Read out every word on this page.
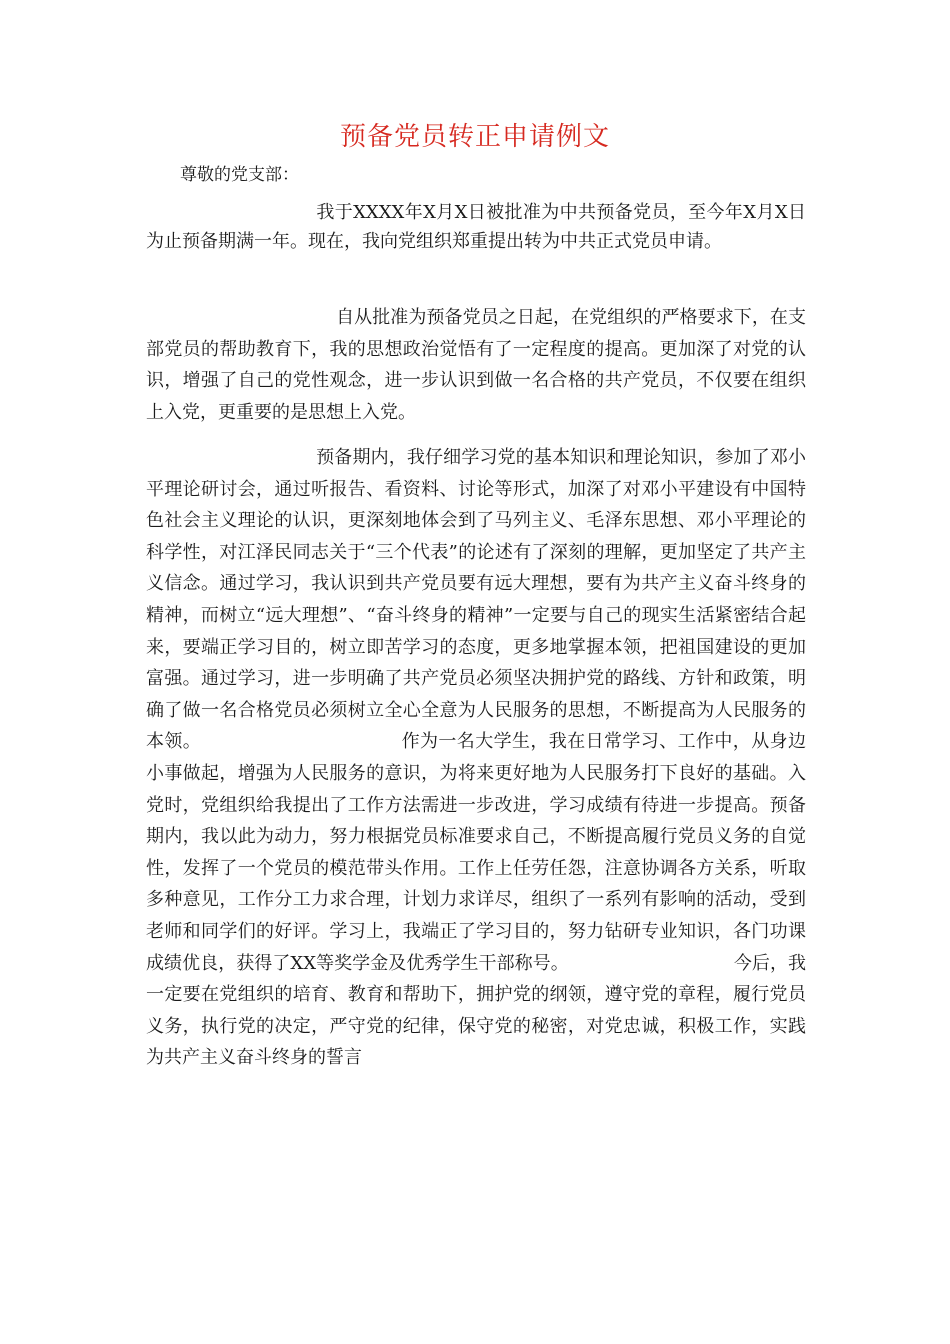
预备党员转正申请例文
尊敬的党支部：
我于XXXX年X月X日被批准为中共预备党员，至今年X月X日为止预备期满一年。现在，我向党组织郑重提出转为中共正式党员申请。
自从批准为预备党员之日起，在党组织的严格要求下，在支部党员的帮助教育下，我的思想政治觉悟有了一定程度的提高。更加深了对党的认识，增强了自己的党性观念，进一步认识到做一名合格的共产党员，不仅要在组织上入党，更重要的是思想上入党。
预备期内，我仔细学习党的基本知识和理论知识，参加了邓小平理论研讨会，通过听报告、看资料、讨论等形式，加深了对邓小平建设有中国特色社会主义理论的认识，更深刻地体会到了马列主义、毛泽东思想、邓小平理论的科学性，对江泽民同志关于“三个代表”的论述有了深刻的理解，更加坚定了共产主义信念。通过学习，我认识到共产党员要有远大理想，要有为共产主义奋斗终身的精神，而树立“远大理想”、“奋斗终身的精神”一定要与自己的现实生活紧密结合起来，要端正学习目的，树立即苦学习的态度，更多地掌握本领，把祖国建设的更加富强。通过学习，进一步明确了共产党员必须坚决拥护党的路线、方针和政策，明确了做一名合格党员必须树立全心全意为人民服务的思想，不断提高为人民服务的本领。	作为一名大学生，我在日常学习、工作中，从身边小事做起，增强为人民服务的意识，为将来更好地为人民服务打下良好的基础。入党时，党组织给我提出了工作方法需进一步改进，学习成绩有待进一步提高。预备期内，我以此为动力，努力根据党员标准要求自己，不断提高履行党员义务的自觉性，发挥了一个党员的模范带头作用。工作上任劳任怨，注意协调各方关系，听取多种意见，工作分工力求合理，计划力求详尽，组织了一系列有影响的活动，受到老师和同学们的好评。学习上，我端正了学习目的，努力钻研专业知识，各门功课成绩优良，获得了XX等奖学金及优秀学生干部称号。	今后，我一定要在党组织的培育、教育和帮助下，拥护党的纲领，遵守党的章程，履行党员义务，执行党的决定，严守党的纪律，保守党的秘密，对党忠诚，积极工作，实践为共产主义奋斗终身的誓言
